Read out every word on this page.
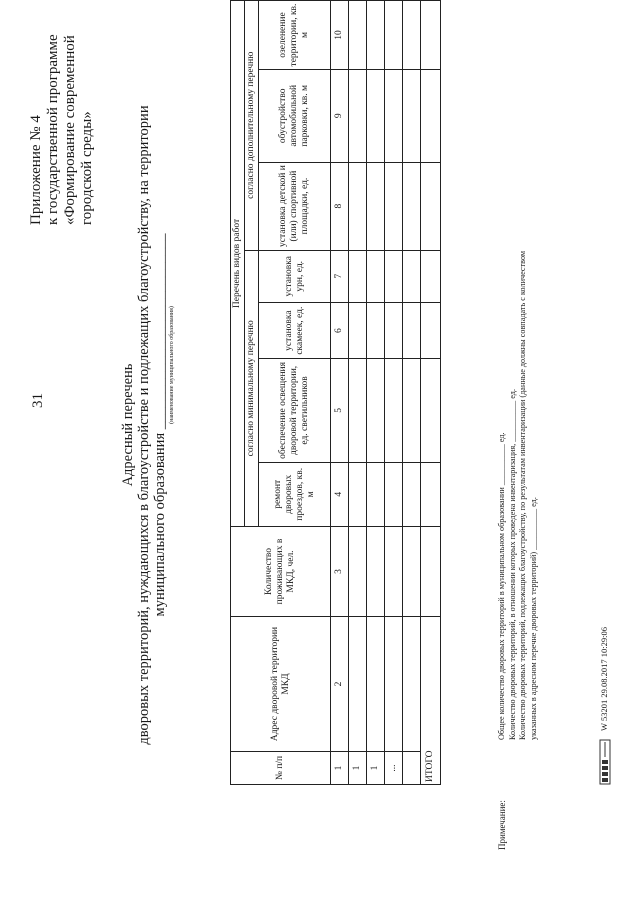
31
Приложение № 4 к государственной программе «Формирование современной городской среды»
Адресный перечень дворовых территорий, нуждающихся в благоустройстве и подлежащих благоустройству, на территории муниципального образования ___________________________ (наименование муниципального образования)
№ п/п	Адрес дворовой территории МКД	Количество проживающих в МКД, чел.	Перечень видов работ						
			согласно минимальному перечню				согласно дополнительному перечню		
			ремонт дворовых проездов, кв. м	обеспечение освещения дворовой территории, ед. светильников	установка скамеек, ед.	установка урн, ед.	установка детской и (или) спортивной площадки, ед.	обустройство автомобильной парковки, кв. м	озеленение территории, кв. м
1	2	3	4	5	6	7	8	9	10
1									
1									
...									

ИТОГО									
Примечание:
Общее количество дворовых территорий в муниципальном образовании __________ ед. Количество дворовых территорий, в отношении которых проведена инвентаризация, __________ ед. Количество дворовых территорий, подлежащих благоустройству, по результатам инвентаризации (данные должны совпадать с количеством указанных в адресном перечне дворовых территорий) __________ ед.	W 53201 29.08.2017 10:29:06
